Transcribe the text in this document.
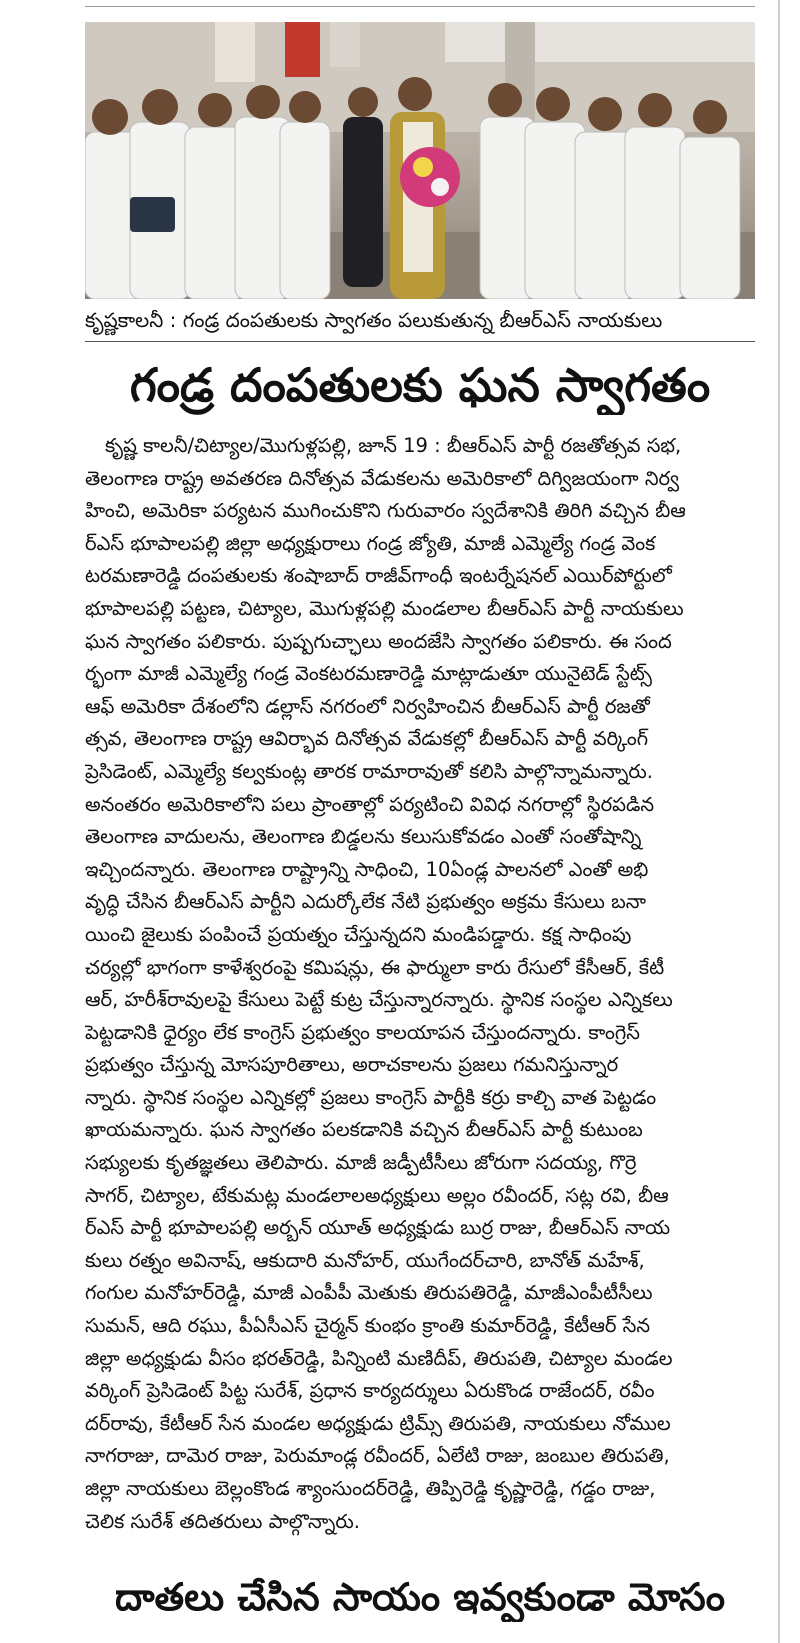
కృష్ణకాలనీ : గండ్ర దంపతులకు స్వాగతం పలుకుతున్న బీఆర్ఎస్ నాయకులు
గండ్ర దంపతులకు ఘన స్వాగతం
కృష్ణ కాలనీ/చిట్యాల/మొగుళ్లపల్లి, జూన్ 19 : బీఆర్ఎస్ పార్టీ రజతోత్సవ సభ,
తెలంగాణ రాష్ట్ర అవతరణ దినోత్సవ వేడుకలను అమెరికాలో దిగ్విజయంగా నిర్వ
హించి, అమెరికా పర్యటన ముగించుకొని గురువారం స్వదేశానికి తిరిగి వచ్చిన బీఆ
ర్ఎస్ భూపాలపల్లి జిల్లా అధ్యక్షురాలు గండ్ర జ్యోతి, మాజీ ఎమ్మెల్యే గండ్ర వెంక
టరమణారెడ్డి దంపతులకు శంషాబాద్ రాజీవ్‌గాంధీ ఇంటర్నేషనల్ ఎయిర్‌పోర్టులో
భూపాలపల్లి పట్టణ, చిట్యాల, మొగుళ్లపల్లి మండలాల బీఆర్ఎస్ పార్టీ నాయకులు
ఘన స్వాగతం పలికారు. పుష్పగుచ్ఛాలు అందజేసి స్వాగతం పలికారు. ఈ సంద
ర్భంగా మాజీ ఎమ్మెల్యే గండ్ర వెంకటరమణారెడ్డి మాట్లాడుతూ యునైటెడ్ స్టేట్స్
ఆఫ్ అమెరికా దేశంలోని డల్లాస్ నగరంలో నిర్వహించిన బీఆర్ఎస్ పార్టీ రజతో
త్సవ, తెలంగాణ రాష్ట్ర ఆవిర్భావ దినోత్సవ వేడుకల్లో బీఆర్ఎస్ పార్టీ వర్కింగ్
ప్రెసిడెంట్, ఎమ్మెల్యే కల్వకుంట్ల తారక రామారావుతో కలిసి పాల్గొన్నామన్నారు.
అనంతరం అమెరికాలోని పలు ప్రాంతాల్లో పర్యటించి వివిధ నగరాల్లో స్థిరపడిన
తెలంగాణ వాదులను, తెలంగాణ బిడ్డలను కలుసుకోవడం ఎంతో సంతోషాన్ని
ఇచ్చిందన్నారు. తెలంగాణ రాష్ట్రాన్ని సాధించి, 10ఏండ్ల పాలనలో ఎంతో అభి
వృద్ధి చేసిన బీఆర్ఎస్ పార్టీని ఎదుర్కోలేక నేటి ప్రభుత్వం అక్రమ కేసులు బనా
యించి జైలుకు పంపించే ప్రయత్నం చేస్తున్నదని మండిపడ్డారు. కక్ష సాధింపు
చర్యల్లో భాగంగా కాళేశ్వరంపై కమిషన్లు, ఈ ఫార్ములా కారు రేసులో కేసీఆర్, కేటీ
ఆర్, హరీశ్‌రావులపై కేసులు పెట్టే కుట్ర చేస్తున్నారన్నారు. స్థానిక సంస్థల ఎన్నికలు
పెట్టడానికి ధైర్యం లేక కాంగ్రెస్ ప్రభుత్వం కాలయాపన చేస్తుందన్నారు. కాంగ్రెస్
ప్రభుత్వం చేస్తున్న మోసపూరితాలు, అరాచకాలను ప్రజలు గమనిస్తున్నార
న్నారు. స్థానిక సంస్థల ఎన్నికల్లో ప్రజలు కాంగ్రెస్ పార్టీకి కర్రు కాల్చి వాత పెట్టడం
ఖాయమన్నారు. ఘన స్వాగతం పలకడానికి వచ్చిన బీఆర్ఎస్ పార్టీ కుటుంబ
సభ్యులకు కృతజ్ఞతలు తెలిపారు. మాజీ జడ్పీటీసీలు జోరుగా సదయ్య, గొర్రె
సాగర్, చిట్యాల, టేకుమట్ల మండలాలఅధ్యక్షులు అల్లం రవీందర్, సట్ల రవి, బీఆ
ర్ఎస్ పార్టీ భూపాలపల్లి అర్బన్ యూత్ అధ్యక్షుడు బుర్ర రాజు, బీఆర్ఎస్ నాయ
కులు రత్నం అవినాష్, ఆకుదారి మనోహర్, యుగేందర్‌చారి, బానోత్ మహేశ్,
గంగుల మనోహర్‌రెడ్డి, మాజీ ఎంపీపీ మెతుకు తిరుపతిరెడ్డి, మాజీఎంపీటీసీలు
సుమన్, ఆది రఘు, పీఏసీఎస్ చైర్మన్ కుంభం క్రాంతి కుమార్‌రెడ్డి, కేటీఆర్ సేన
జిల్లా అధ్యక్షుడు వీసం భరత్‌రెడ్డి, పిన్నింటి మణిదీప్, తిరుపతి, చిట్యాల మండల
వర్కింగ్ ప్రెసిడెంట్ పిట్ట సురేశ్, ప్రధాన కార్యదర్శులు ఏరుకొండ రాజేందర్, రవీం
దర్‌రావు, కేటీఆర్ సేన మండల అధ్యక్షుడు ట్రిమ్స్ తిరుపతి, నాయకులు నోముల
నాగరాజు, దామెర రాజు, పెరుమాండ్ల రవీందర్, ఏలేటి రాజు, జంబుల తిరుపతి,
జిల్లా నాయకులు బెల్లంకొండ శ్యాంసుందర్‌రెడ్డి, తిప్పిరెడ్డి కృష్ణారెడ్డి, గడ్డం రాజు,
చెలిక సురేశ్ తదితరులు పాల్గొన్నారు.
దాతలు చేసిన సాయం ఇవ్వకుండా మోసం
